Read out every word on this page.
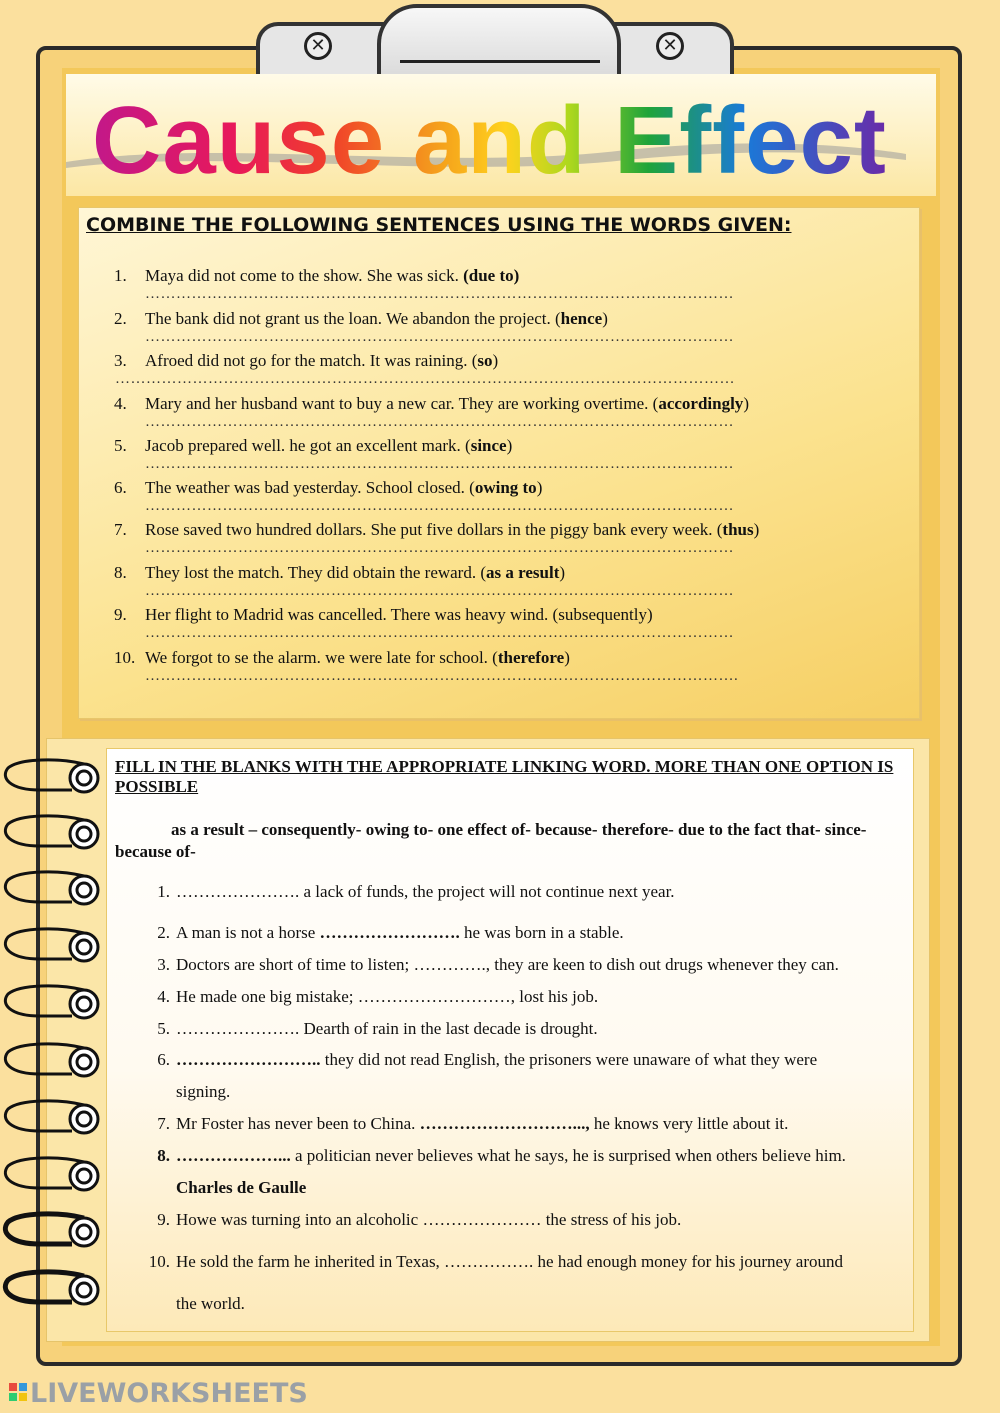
✕	✕
Cause and Effect
COMBINE THE FOLLOWING SENTENCES USING THE WORDS GIVEN:
1.	Maya did not come to the show. She was sick. (due to)
……………………………………………………………………………………………………
2.	The bank did not grant us the loan. We abandon the project. (hence)
……………………………………………………………………………………………………
3.	Afroed did not go for the match. It was raining. (so)
…………………………………………………………………………………………………………
4.	Mary and her husband want to buy a new car. They are working overtime. (accordingly)
……………………………………………………………………………………………………
5.	Jacob prepared well. he got an excellent mark. (since)
……………………………………………………………………………………………………
6.	The weather was bad yesterday. School closed. (owing to)
……………………………………………………………………………………………………
7.	Rose saved two hundred dollars. She put five dollars in the piggy bank every week. (thus)
……………………………………………………………………………………………………
8.	They lost the match. They did obtain the reward. (as a result)
……………………………………………………………………………………………………
9.	Her flight to Madrid was cancelled. There was heavy wind. (subsequently)
……………………………………………………………………………………………………
10. We forgot to se the alarm. we were late for school. (therefore)
…………………………………………………………………………………………………….
FILL IN THE BLANKS WITH THE APPROPRIATE LINKING WORD. MORE THAN ONE OPTION IS POSSIBLE

as a result – consequently- owing to- one effect of- because- therefore- due to the fact that- since- because of-

1. …………………. a lack of funds, the project will not continue next year.
2. A man is not a horse ……………………. he was born in a stable.
3. Doctors are short of time to listen; …………., they are keen to dish out drugs whenever they can.
4. He made one big mistake; ………………………, lost his job.
5. …………………. Dearth of rain in the last decade is drought.
6. …………………….. they did not read English, the prisoners were unaware of what they were
signing.
7. Mr Foster has never been to China. ………………………..., he knows very little about it.
8. ………………... a politician never believes what he says, he is surprised when others believe him.
Charles de Gaulle
9. Howe was turning into an alcoholic ………………… the stress of his job.
10. He sold the farm he inherited in Texas, ……………. he had enough money for his journey around
the world.

LIVEWORKSHEETS
